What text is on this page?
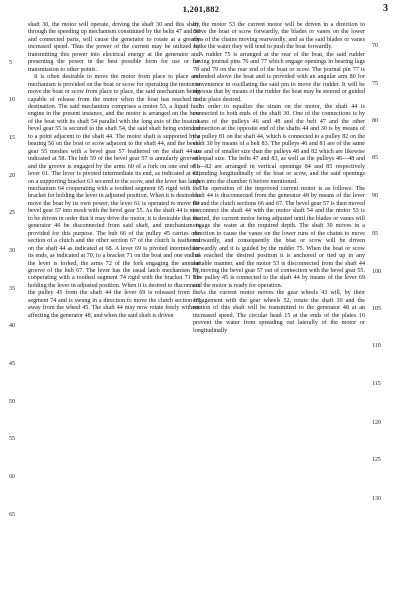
1,201,882	3

shaft 30, the motor will operate, driving the shaft 30 and this shaft, through the speeding up mechanism constituted by the belts 47 and 50 and connected parts, will cause the generator to rotate at a greatly increased speed. Thus the power of the current may be utilized by transmitting this power into electrical energy at the generator and presenting the power in the best possible form for use or for transmission to other points.

It is often desirable to move the motor from place to place and mechanism is provided on the boat or scow for operating the motor to move the boat or scow from place to place, the said mechanism being capable of release from the motor when the boat has reached its destination. The said mechanism comprises a motor 53, a liquid fuel engine in the present instance, and the motor is arranged on the bow of the boat with its shaft 54 parallel with the long axis of the boat. A bevel gear 55 is secured to the shaft 54, the said shaft being extended to a point adjacent to the shaft 44. The motor shaft is supported by a bearing 56 on the boat or scow adjacent to the shaft 44, and the bevel gear 55 meshes with a bevel gear 57 feathered on the shaft 44 as indicated at 58. The hub 59 of the bevel gear 57 is annularly grooved and the groove is engaged by the arms 60 of a fork on one end of a lever 61. The lever is pivoted intermediate its end, as indicated at 62, on a supporting bracket 63 secured to the scow, and the lever has latch mechanism 64 cooperating with a toothed segment 65 rigid with the bracket for holding the lever in adjusted position. When it is desired to move the boat by its own power, the lever 61 is operated to move the bevel gear 57 into mesh with the bevel gear 55. As the shaft 44 is now to be driven in order that it may drive the motor, it is desirable that the generator 46 be disconnected from said shaft, and mechanism is provided for this purpose. The hub 66 of the pulley 45 carries one section of a clutch and the other section 67 of the clutch is feathered on the shaft 44 as indicated at 68. A lever 69 is pivoted intermediate its ends, as indicated at 70, to a bracket 71 on the boat and one end of the lever is forked, the arms 72 of the fork engaging the annular groove of the hub 67. The lever has the usual latch mechanism 73, coöperating with a toothed segment 74 rigid with the bracket 71 for holding the lever in adjusted position. When it is desired to disconnect the pulley 45 from the shaft 44 the lever 69 is released from the segment 74 and is swung in a direction to move the clutch section 67 away from the wheel 45. The shaft 44 may now rotate freely without affecting the generator 48, and when the said shaft is driven

by the motor 53 the current motor will be driven in a direction to move the boat or scow forwardly, the blades or vanes on the lower runs of the chains moving rearwardly, and as the said blades or vanes strike the water they will tend to push the boat forwardly.

A rudder 75 is arranged at the rear of the boat, the said rudder having journal pins 76 and 77 which engage openings in bearing lugs 78 and 79 on the rear end of the boat or scow. The journal pin 77 is extended above the boat and is provided with an angular arm 80 for convenience in oscillating the said pin to move the rudder. It will be obvious that by means of the rudder the boat may be steered or guided to the place desired.

In order to equalize the strain on the motor, the shaft 44 is connected to both ends of the shaft 30. One of the connections is by means of the pulleys 46 and 48 and the belt 47 and the other connection at the opposite end of the shafts 44 and 30 is by means of the pulley 81 on the shaft 44, which is connected to a pulley 82 on the shaft 30 by means of a belt 83. The pulleys 46 and 81 are of the same size and of smaller size than the pulleys 48 and 82 which are likewise of equal size. The belts 47 and 83, as well as the pulleys 46—48 and 81—82 are arranged in vertical openings 84 and 85 respectively extending longitudinally of the boat or scow, and the said openings open into the chamber 6 before mentioned.

The operation of the improved current motor is as follows: The shaft 44 is disconnected from the generator 48 by means of the lever 69 and the clutch sections 66 and 67. The bevel gear 57 is then moved to connect the shaft 44 with the motor shaft 54 and the motor 53 is started, the current motor being adjusted until the blades or vanes will engage the water at the required depth. The shaft 30 moves in a direction to cause the vanes on the lower runs of the chains to move rearwardly, and consequently the boat or scow will be driven forwardly and it is guided by the rudder 75. When the boat or scow has reached the desired position it is anchored or tied up in any suitable manner, and the motor 53 is disconnected from the shaft 44 by moving the bevel gear 57 out of connection with the bevel gear 55. The pulley 45 is connected to the shaft 44 by means of the lever 69 and the motor is ready for operation.

As the current motor moves the gear wheels 43 will, by their engagement with the gear wheels 52, rotate the shaft 30 and the motion of this shaft will be transmitted to the generator 48 at an increased speed. The circular head 15 at the ends of the plates 16 prevent the water from spreading out laterally of the motor or longitudinally

70
75
80
85
90
95
100
105
110
115
120
125
130
5
10
15
20
25
30
35
40
45
50
55
60
65
